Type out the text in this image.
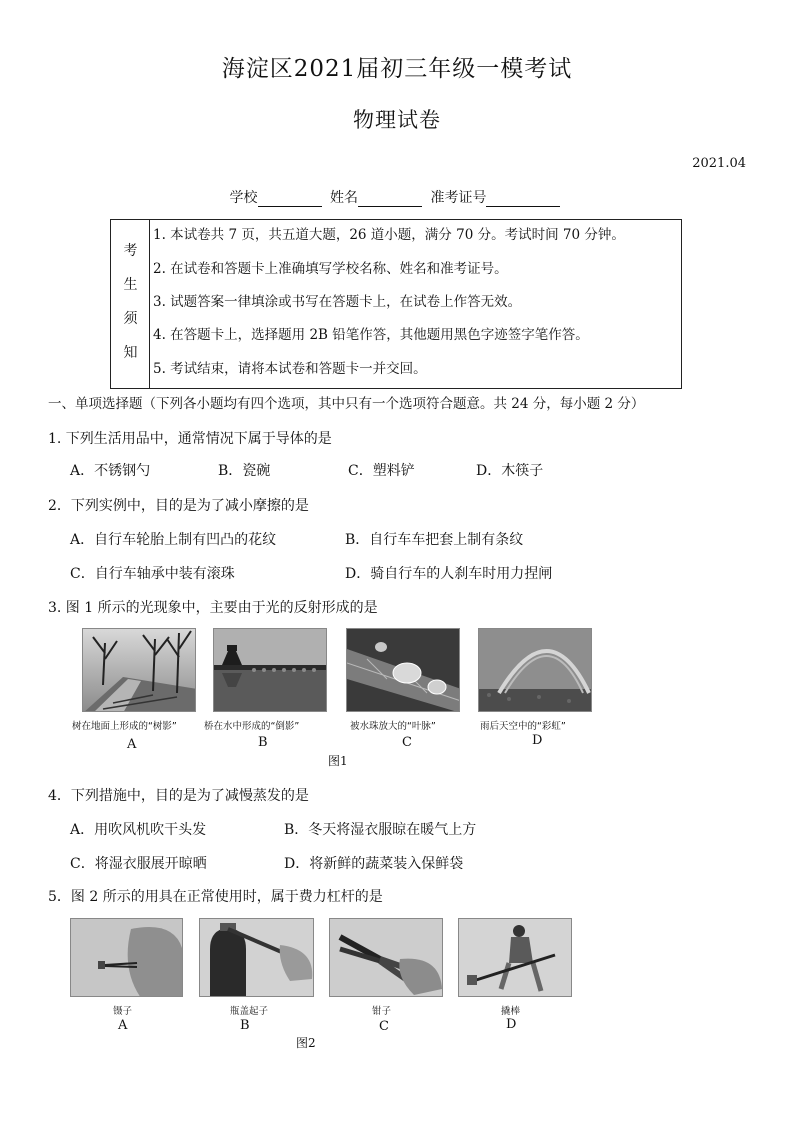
海淀区2021届初三年级一模考试
物理试卷
2021.04
学校	姓名	准考证号
考
生
须
知
1. 本试卷共 7 页，共五道大题，26 道小题，满分 70 分。考试时间 70 分钟。
2. 在试卷和答题卡上准确填写学校名称、姓名和准考证号。
3. 试题答案一律填涂或书写在答题卡上，在试卷上作答无效。
4. 在答题卡上，选择题用 2B 铅笔作答，其他题用黑色字迹签字笔作答。
5. 考试结束，请将本试卷和答题卡一并交回。
一、单项选择题（下列各小题均有四个选项，其中只有一个选项符合题意。共 24 分，每小题 2 分）
1. 下列生活用品中，通常情况下属于导体的是
A．不锈钢勺	B．瓷碗	C．塑料铲	D．木筷子
2．下列实例中，目的是为了减小摩擦的是
A．自行车轮胎上制有凹凸的花纹	B．自行车车把套上制有条纹
C．自行车轴承中装有滚珠	D．骑自行车的人刹车时用力捏闸
3. 图 1 所示的光现象中，主要由于光的反射形成的是
树在地面上形成的“树影”	桥在水中形成的“倒影”	被水珠放大的“叶脉”	雨后天空中的“彩虹”
A	B	C	D
图1
4．下列措施中，目的是为了减慢蒸发的是
A．用吹风机吹干头发	B．冬天将湿衣服晾在暖气上方
C．将湿衣服展开晾晒	D．将新鲜的蔬菜装入保鲜袋
5．图 2 所示的用具在正常使用时，属于费力杠杆的是
镊子	瓶盖起子	钳子	撬棒
A	B	C	D
图2
